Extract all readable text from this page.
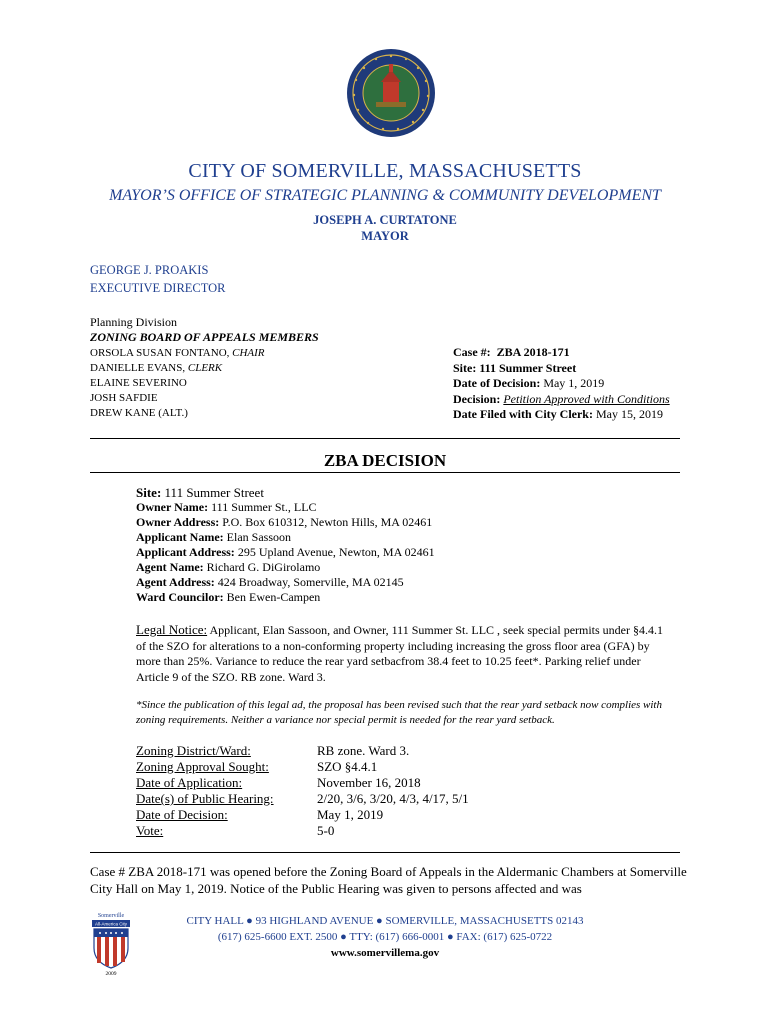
CITY OF SOMERVILLE, MASSACHUSETTS
MAYOR’S OFFICE OF STRATEGIC PLANNING & COMMUNITY DEVELOPMENT
JOSEPH A. CURTATONE
MAYOR
GEORGE J. PROAKIS
EXECUTIVE DIRECTOR
Planning Division
ZONING BOARD OF APPEALS MEMBERS
ORSOLA SUSAN FONTANO, CHAIR
DANIELLE EVANS, CLERK
ELAINE SEVERINO
JOSH SAFDIE
DREW KANE (ALT.)
Case #: ZBA 2018-171
Site: 111 Summer Street
Date of Decision: May 1, 2019
Decision: Petition Approved with Conditions
Date Filed with City Clerk: May 15, 2019
ZBA DECISION
Site: 111 Summer Street
Owner Name: 111 Summer St., LLC
Owner Address: P.O. Box 610312, Newton Hills, MA 02461
Applicant Name: Elan Sassoon
Applicant Address: 295 Upland Avenue, Newton, MA 02461
Agent Name: Richard G. DiGirolamo
Agent Address: 424 Broadway, Somerville, MA 02145
Ward Councilor: Ben Ewen-Campen
Legal Notice: Applicant, Elan Sassoon, and Owner, 111 Summer St. LLC , seek special permits under §4.4.1 of the SZO for alterations to a non-conforming property including increasing the gross floor area (GFA) by more than 25%. Variance to reduce the rear yard setbacfrom 38.4 feet to 10.25 feet*. Parking relief under Article 9 of the SZO. RB zone. Ward 3.
*Since the publication of this legal ad, the proposal has been revised such that the rear yard setback now complies with zoning requirements. Neither a variance nor special permit is needed for the rear yard setback.
Zoning District/Ward:	RB zone. Ward 3.
Zoning Approval Sought:	SZO §4.4.1
Date of Application:	November 16, 2018
Date(s) of Public Hearing:	2/20, 3/6, 3/20, 4/3, 4/17, 5/1
Date of Decision:	May 1, 2019
Vote:	5-0
Case # ZBA 2018-171 was opened before the Zoning Board of Appeals in the Aldermanic Chambers at Somerville City Hall on May 1, 2019. Notice of the Public Hearing was given to persons affected and was
Somerville
All-America City
2009
CITY HALL ● 93 HIGHLAND AVENUE ● SOMERVILLE, MASSACHUSETTS 02143
(617) 625-6600 EXT. 2500 ● TTY: (617) 666-0001 ● FAX: (617) 625-0722
www.somervillema.gov
